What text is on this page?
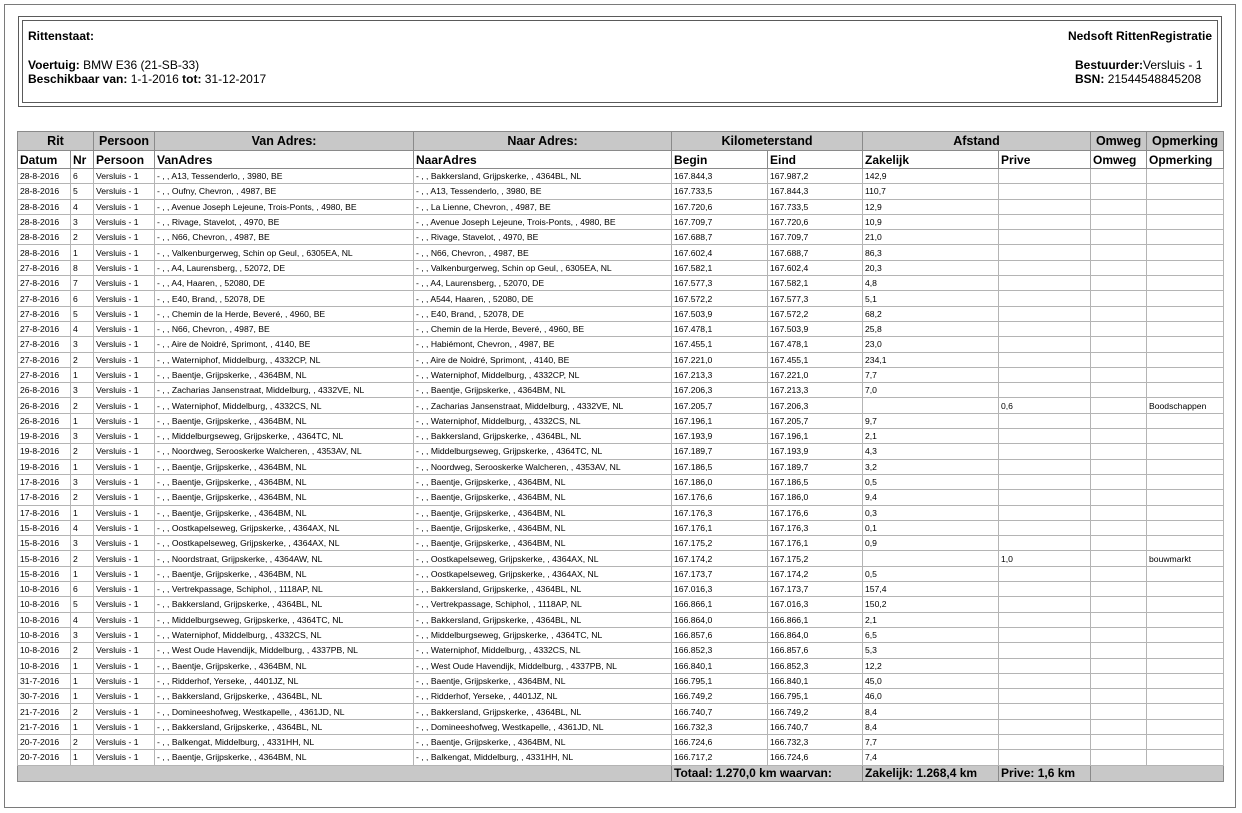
Rittenstaat:	Nedsoft RittenRegistratie
Voertuig: BMW E36 (21-SB-33)
Beschikbaar van: 1-1-2016 tot: 31-12-2017
Bestuurder:Versluis - 1
BSN: 21544548845208
Rit		Persoon	Van Adres:	Naar Adres:	Kilometerstand		Afstand		Omweg	Opmerking
Datum	Nr	Persoon	VanAdres	NaarAdres	Begin	Eind	Zakelijk	Prive	Omweg	Opmerking
28-8-2016	6	Versluis - 1	- , , A13, Tessenderlo, , 3980, BE	- , , Bakkersland, Grijpskerke, , 4364BL, NL	167.844,3	167.987,2	142,9			
28-8-2016	5	Versluis - 1	- , , Oufny, Chevron, , 4987, BE	- , , A13, Tessenderlo, , 3980, BE	167.733,5	167.844,3	110,7			
28-8-2016	4	Versluis - 1	- , , Avenue Joseph Lejeune, Trois-Ponts, , 4980, BE	- , , La Lienne, Chevron, , 4987, BE	167.720,6	167.733,5	12,9			
28-8-2016	3	Versluis - 1	- , , Rivage, Stavelot, , 4970, BE	- , , Avenue Joseph Lejeune, Trois-Ponts, , 4980, BE	167.709,7	167.720,6	10,9			
28-8-2016	2	Versluis - 1	- , , N66, Chevron, , 4987, BE	- , , Rivage, Stavelot, , 4970, BE	167.688,7	167.709,7	21,0			
28-8-2016	1	Versluis - 1	- , , Valkenburgerweg, Schin op Geul, , 6305EA, NL	- , , N66, Chevron, , 4987, BE	167.602,4	167.688,7	86,3			
27-8-2016	8	Versluis - 1	- , , A4, Laurensberg, , 52072, DE	- , , Valkenburgerweg, Schin op Geul, , 6305EA, NL	167.582,1	167.602,4	20,3			
27-8-2016	7	Versluis - 1	- , , A4, Haaren, , 52080, DE	- , , A4, Laurensberg, , 52070, DE	167.577,3	167.582,1	4,8			
27-8-2016	6	Versluis - 1	- , , E40, Brand, , 52078, DE	- , , A544, Haaren, , 52080, DE	167.572,2	167.577,3	5,1			
27-8-2016	5	Versluis - 1	- , , Chemin de la Herde, Beveré, , 4960, BE	- , , E40, Brand, , 52078, DE	167.503,9	167.572,2	68,2			
27-8-2016	4	Versluis - 1	- , , N66, Chevron, , 4987, BE	- , , Chemin de la Herde, Beveré, , 4960, BE	167.478,1	167.503,9	25,8			
27-8-2016	3	Versluis - 1	- , , Aire de Noidré, Sprimont, , 4140, BE	- , , Habiémont, Chevron, , 4987, BE	167.455,1	167.478,1	23,0			
27-8-2016	2	Versluis - 1	- , , Waterniphof, Middelburg, , 4332CP, NL	- , , Aire de Noidré, Sprimont, , 4140, BE	167.221,0	167.455,1	234,1			
27-8-2016	1	Versluis - 1	- , , Baentje, Grijpskerke, , 4364BM, NL	- , , Waterniphof, Middelburg, , 4332CP, NL	167.213,3	167.221,0	7,7			
26-8-2016	3	Versluis - 1	- , , Zacharias Jansenstraat, Middelburg, , 4332VE, NL	- , , Baentje, Grijpskerke, , 4364BM, NL	167.206,3	167.213,3	7,0			
26-8-2016	2	Versluis - 1	- , , Waterniphof, Middelburg, , 4332CS, NL	- , , Zacharias Jansenstraat, Middelburg, , 4332VE, NL	167.205,7	167.206,3		0,6		Boodschappen
26-8-2016	1	Versluis - 1	- , , Baentje, Grijpskerke, , 4364BM, NL	- , , Waterniphof, Middelburg, , 4332CS, NL	167.196,1	167.205,7	9,7			
19-8-2016	3	Versluis - 1	- , , Middelburgseweg, Grijpskerke, , 4364TC, NL	- , , Bakkersland, Grijpskerke, , 4364BL, NL	167.193,9	167.196,1	2,1			
19-8-2016	2	Versluis - 1	- , , Noordweg, Serooskerke Walcheren, , 4353AV, NL	- , , Middelburgseweg, Grijpskerke, , 4364TC, NL	167.189,7	167.193,9	4,3			
19-8-2016	1	Versluis - 1	- , , Baentje, Grijpskerke, , 4364BM, NL	- , , Noordweg, Serooskerke Walcheren, , 4353AV, NL	167.186,5	167.189,7	3,2			
17-8-2016	3	Versluis - 1	- , , Baentje, Grijpskerke, , 4364BM, NL	- , , Baentje, Grijpskerke, , 4364BM, NL	167.186,0	167.186,5	0,5			
17-8-2016	2	Versluis - 1	- , , Baentje, Grijpskerke, , 4364BM, NL	- , , Baentje, Grijpskerke, , 4364BM, NL	167.176,6	167.186,0	9,4			
17-8-2016	1	Versluis - 1	- , , Baentje, Grijpskerke, , 4364BM, NL	- , , Baentje, Grijpskerke, , 4364BM, NL	167.176,3	167.176,6	0,3			
15-8-2016	4	Versluis - 1	- , , Oostkapelseweg, Grijpskerke, , 4364AX, NL	- , , Baentje, Grijpskerke, , 4364BM, NL	167.176,1	167.176,3	0,1			
15-8-2016	3	Versluis - 1	- , , Oostkapelseweg, Grijpskerke, , 4364AX, NL	- , , Baentje, Grijpskerke, , 4364BM, NL	167.175,2	167.176,1	0,9			
15-8-2016	2	Versluis - 1	- , , Noordstraat, Grijpskerke, , 4364AW, NL	- , , Oostkapelseweg, Grijpskerke, , 4364AX, NL	167.174,2	167.175,2		1,0		bouwmarkt
15-8-2016	1	Versluis - 1	- , , Baentje, Grijpskerke, , 4364BM, NL	- , , Oostkapelseweg, Grijpskerke, , 4364AX, NL	167.173,7	167.174,2	0,5			
10-8-2016	6	Versluis - 1	- , , Vertrekpassage, Schiphol, , 1118AP, NL	- , , Bakkersland, Grijpskerke, , 4364BL, NL	167.016,3	167.173,7	157,4			
10-8-2016	5	Versluis - 1	- , , Bakkersland, Grijpskerke, , 4364BL, NL	- , , Vertrekpassage, Schiphol, , 1118AP, NL	166.866,1	167.016,3	150,2			
10-8-2016	4	Versluis - 1	- , , Middelburgseweg, Grijpskerke, , 4364TC, NL	- , , Bakkersland, Grijpskerke, , 4364BL, NL	166.864,0	166.866,1	2,1			
10-8-2016	3	Versluis - 1	- , , Waterniphof, Middelburg, , 4332CS, NL	- , , Middelburgseweg, Grijpskerke, , 4364TC, NL	166.857,6	166.864,0	6,5			
10-8-2016	2	Versluis - 1	- , , West Oude Havendijk, Middelburg, , 4337PB, NL	- , , Waterniphof, Middelburg, , 4332CS, NL	166.852,3	166.857,6	5,3			
10-8-2016	1	Versluis - 1	- , , Baentje, Grijpskerke, , 4364BM, NL	- , , West Oude Havendijk, Middelburg, , 4337PB, NL	166.840,1	166.852,3	12,2			
31-7-2016	1	Versluis - 1	- , , Ridderhof, Yerseke, , 4401JZ, NL	- , , Baentje, Grijpskerke, , 4364BM, NL	166.795,1	166.840,1	45,0			
30-7-2016	1	Versluis - 1	- , , Bakkersland, Grijpskerke, , 4364BL, NL	- , , Ridderhof, Yerseke, , 4401JZ, NL	166.749,2	166.795,1	46,0			
21-7-2016	2	Versluis - 1	- , , Domineeshofweg, Westkapelle, , 4361JD, NL	- , , Bakkersland, Grijpskerke, , 4364BL, NL	166.740,7	166.749,2	8,4			
21-7-2016	1	Versluis - 1	- , , Bakkersland, Grijpskerke, , 4364BL, NL	- , , Domineeshofweg, Westkapelle, , 4361JD, NL	166.732,3	166.740,7	8,4			
20-7-2016	2	Versluis - 1	- , , Balkengat, Middelburg, , 4331HH, NL	- , , Baentje, Grijpskerke, , 4364BM, NL	166.724,6	166.732,3	7,7			
20-7-2016	1	Versluis - 1	- , , Baentje, Grijpskerke, , 4364BM, NL	- , , Balkengat, Middelburg, , 4331HH, NL	166.717,2	166.724,6	7,4			
					Totaal: 1.270,0 km waarvan:		Zakelijk: 1.268,4 km	Prive: 1,6 km		
